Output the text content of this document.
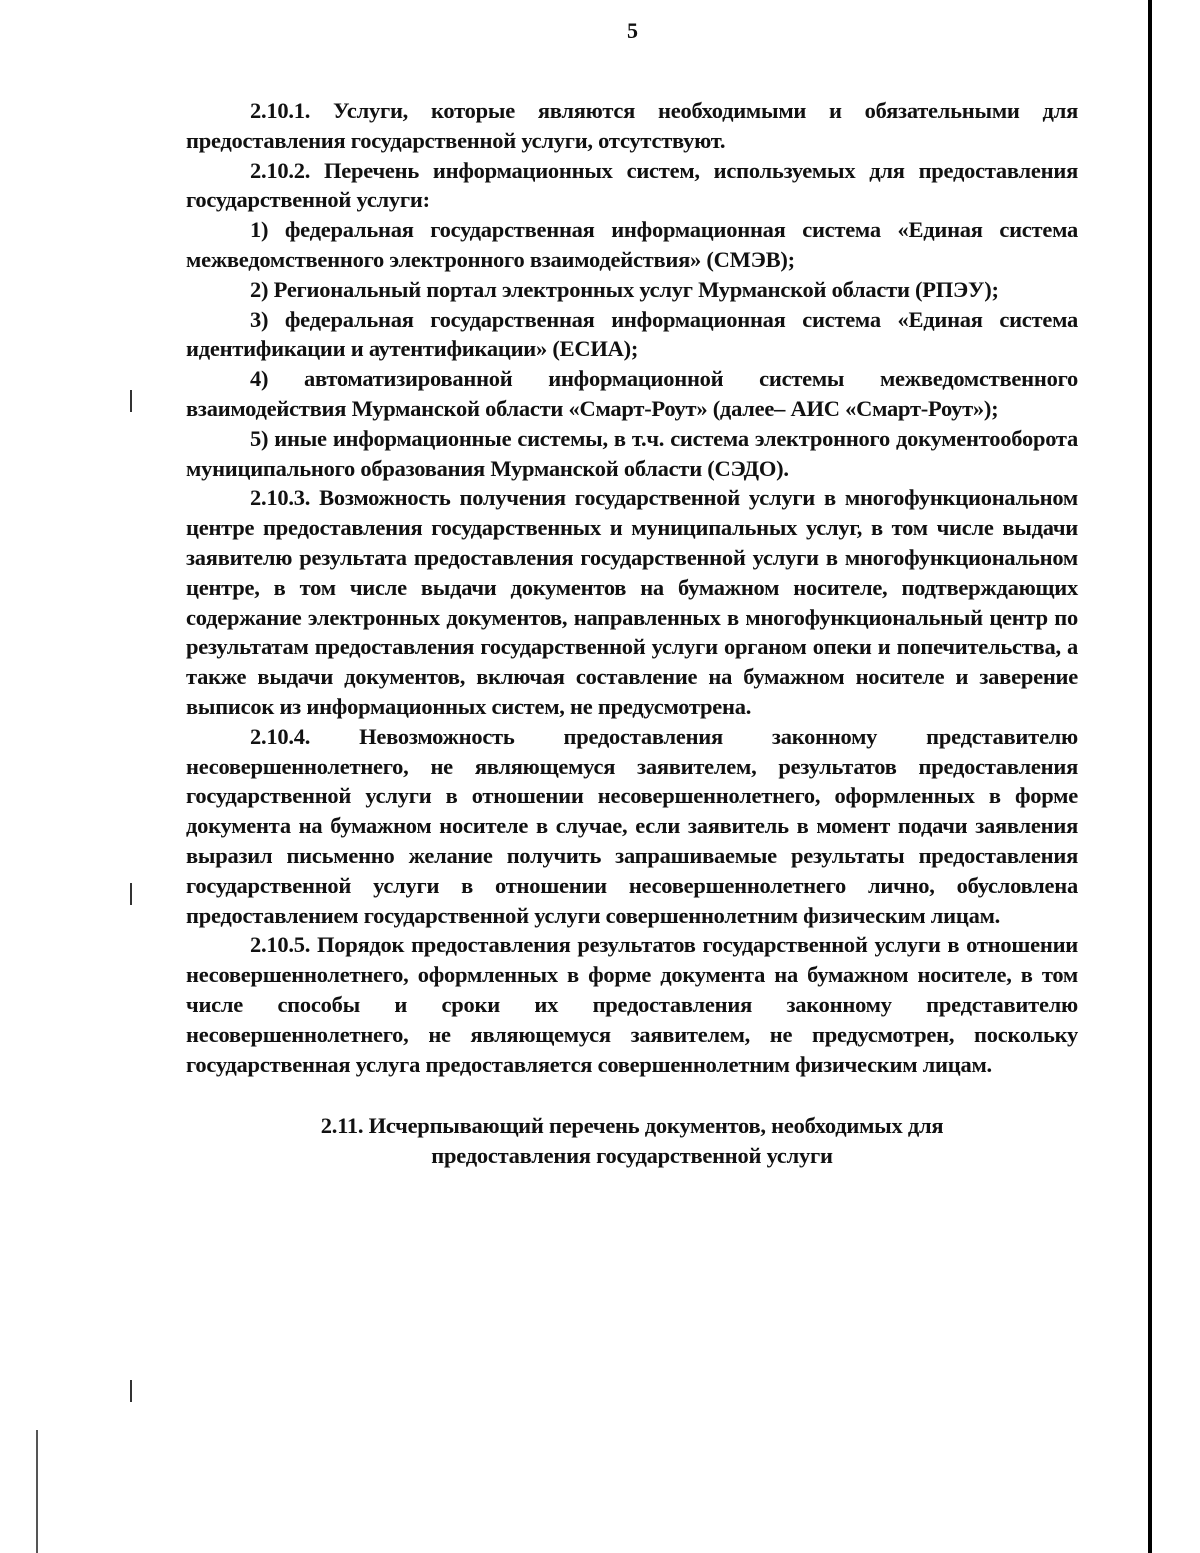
5

2.10.1. Услуги, которые являются необходимыми и обязательными для предоставления государственной услуги, отсутствуют.

2.10.2. Перечень информационных систем, используемых для предоставления государственной услуги:

1) федеральная государственная информационная система «Единая система межведомственного электронного взаимодействия» (СМЭВ);

2) Региональный портал электронных услуг Мурманской области (РПЭУ);

3) федеральная государственная информационная система «Единая система идентификации и аутентификации» (ЕСИА);

4) автоматизированной информационной системы межведомственного взаимодействия Мурманской области «Смарт-Роут» (далее– АИС «Смарт-Роут»);

5) иные информационные системы, в т.ч. система электронного документооборота муниципального образования Мурманской области (СЭДО).

2.10.3. Возможность получения государственной услуги в многофункциональном центре предоставления государственных и муниципальных услуг, в том числе выдачи заявителю результата предоставления государственной услуги в многофункциональном центре, в том числе выдачи документов на бумажном носителе, подтверждающих содержание электронных документов, направленных в многофункциональный центр по результатам предоставления государственной услуги органом опеки и попечительства, а также выдачи документов, включая составление на бумажном носителе и заверение выписок из информационных систем, не предусмотрена.

2.10.4. Невозможность предоставления законному представителю несовершеннолетнего, не являющемуся заявителем, результатов предоставления государственной услуги в отношении несовершеннолетнего, оформленных в форме документа на бумажном носителе в случае, если заявитель в момент подачи заявления выразил письменно желание получить запрашиваемые результаты предоставления государственной услуги в отношении несовершеннолетнего лично, обусловлена предоставлением государственной услуги совершеннолетним физическим лицам.

2.10.5. Порядок предоставления результатов государственной услуги в отношении несовершеннолетнего, оформленных в форме документа на бумажном носителе, в том числе способы и сроки их предоставления законному представителю несовершеннолетнего, не являющемуся заявителем, не предусмотрен, поскольку государственная услуга предоставляется совершеннолетним физическим лицам.

2.11. Исчерпывающий перечень документов, необходимых для
предоставления государственной услуги
